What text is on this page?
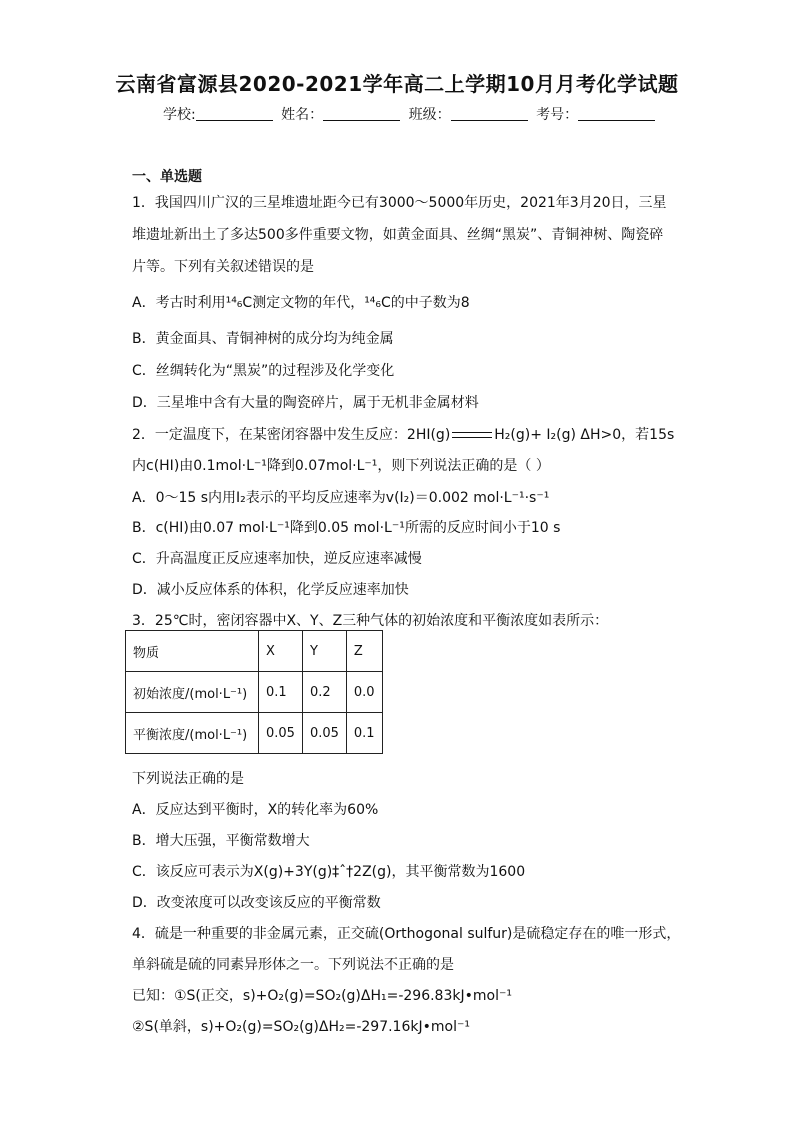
云南省富源县2020-2021学年高二上学期10月月考化学试题
学校:	姓名：	班级：	考号：
一、单选题
1．我国四川广汉的三星堆遗址距今已有3000～5000年历史，2021年3月20日，三星
堆遗址新出土了多达500多件重要文物，如黄金面具、丝绸“黑炭”、青铜神树、陶瓷碎
片等。下列有关叙述错误的是
A．考古时利用¹⁴₆C测定文物的年代，¹⁴₆C的中子数为8
B．黄金面具、青铜神树的成分均为纯金属
C．丝绸转化为“黑炭”的过程涉及化学变化
D．三星堆中含有大量的陶瓷碎片，属于无机非金属材料
2．一定温度下，在某密闭容器中发生反应：2HI(g)	H₂(g)+ I₂(g) ΔH>0，若15s
内c(HI)由0.1mol·L⁻¹降到0.07mol·L⁻¹，则下列说法正确的是（ ）
A．0～15 s内用I₂表示的平均反应速率为v(I₂)＝0.002 mol·L⁻¹·s⁻¹
B．c(HI)由0.07 mol·L⁻¹降到0.05 mol·L⁻¹所需的反应时间小于10 s
C．升高温度正反应速率加快，逆反应速率减慢
D．减小反应体系的体积，化学反应速率加快
3．25℃时，密闭容器中X、Y、Z三种气体的初始浓度和平衡浓度如表所示：
物质	X	Y	Z
初始浓度/(mol·L⁻¹)	0.1	0.2	0.0
平衡浓度/(mol·L⁻¹)	0.05	0.05	0.1
下列说法正确的是
A．反应达到平衡时，X的转化率为60%
B．增大压强，平衡常数增大
C．该反应可表示为X(g)+3Y(g)‡ˆ†2Z(g)，其平衡常数为1600
D．改变浓度可以改变该反应的平衡常数
4．硫是一种重要的非金属元素，正交硫(Orthogonal sulfur)是硫稳定存在的唯一形式，
单斜硫是硫的同素异形体之一。下列说法不正确的是
已知：①S(正交，s)+O₂(g)=SO₂(g)ΔH₁=-296.83kJ•mol⁻¹
②S(单斜，s)+O₂(g)=SO₂(g)ΔH₂=-297.16kJ•mol⁻¹
